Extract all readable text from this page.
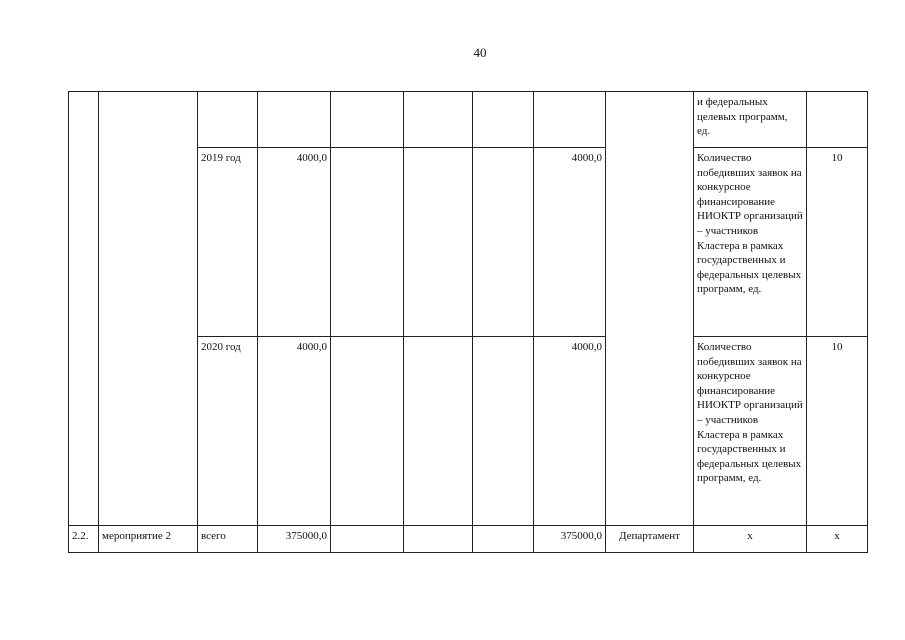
40
									и федеральных целевых программ, ед.	
		2019 год	4000,0				4000,0		Количество победивших заявок на конкурсное финансирование НИОКТР организаций – участников Кластера в рамках государственных и федеральных целевых программ, ед.	10
		2020 год	4000,0				4000,0		Количество победивших заявок на конкурсное финансирование НИОКТР организаций – участников Кластера в рамках государственных и федеральных целевых программ, ед.	10
2.2.	мероприятие 2	всего	375000,0				375000,0	Департамент	х	х
